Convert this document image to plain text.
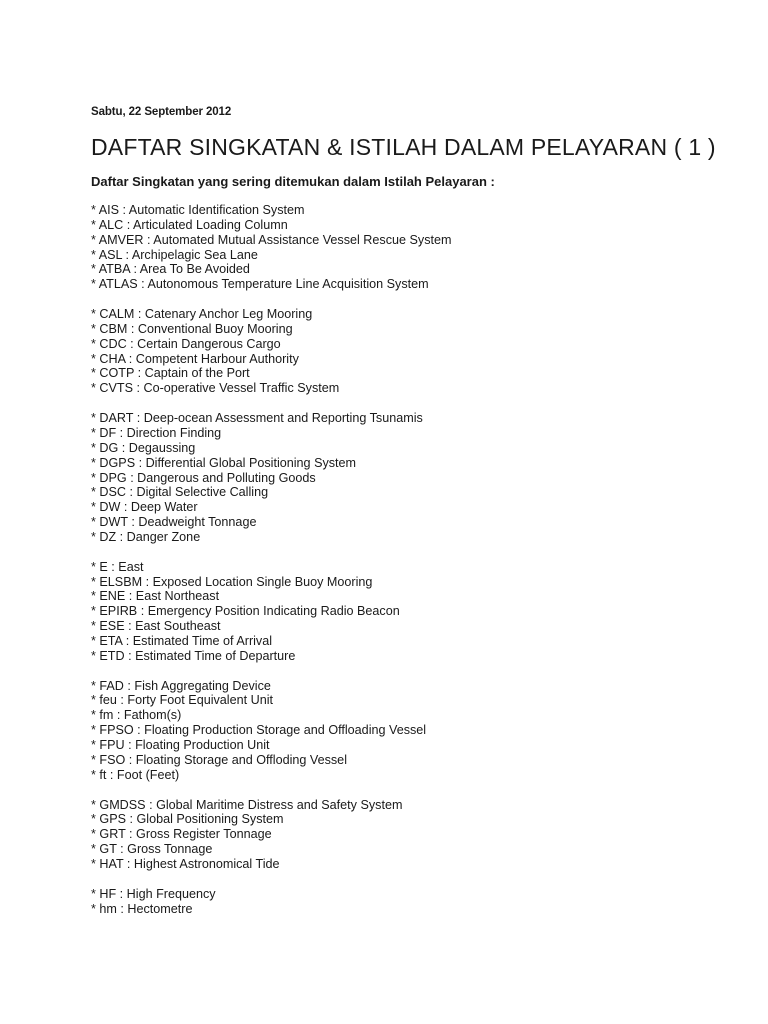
Sabtu, 22 September 2012
DAFTAR SINGKATAN & ISTILAH DALAM PELAYARAN ( 1 )
Daftar Singkatan yang sering ditemukan dalam Istilah Pelayaran :
* AIS : Automatic Identification System
* ALC : Articulated Loading Column
* AMVER : Automated Mutual Assistance Vessel Rescue System
* ASL : Archipelagic Sea Lane
* ATBA : Area To Be Avoided
* ATLAS : Autonomous Temperature Line Acquisition System
* CALM : Catenary Anchor Leg Mooring
* CBM : Conventional Buoy Mooring
* CDC : Certain Dangerous Cargo
* CHA : Competent Harbour Authority
* COTP : Captain of the Port
* CVTS : Co-operative Vessel Traffic System
* DART : Deep-ocean Assessment and Reporting Tsunamis
* DF : Direction Finding
* DG : Degaussing
* DGPS : Differential Global Positioning System
* DPG : Dangerous and Polluting Goods
* DSC : Digital Selective Calling
* DW : Deep Water
* DWT : Deadweight Tonnage
* DZ : Danger Zone
* E : East
* ELSBM : Exposed Location Single Buoy Mooring
* ENE : East Northeast
* EPIRB : Emergency Position Indicating Radio Beacon
* ESE : East Southeast
* ETA : Estimated Time of Arrival
* ETD : Estimated Time of Departure
* FAD : Fish Aggregating Device
* feu : Forty Foot Equivalent Unit
* fm : Fathom(s)
* FPSO : Floating Production Storage and Offloading Vessel
* FPU : Floating Production Unit
* FSO : Floating Storage and Offloding Vessel
* ft : Foot (Feet)
* GMDSS : Global Maritime Distress and Safety System
* GPS : Global Positioning System
* GRT : Gross Register Tonnage
* GT : Gross Tonnage
* HAT : Highest Astronomical Tide
* HF : High Frequency
* hm : Hectometre
